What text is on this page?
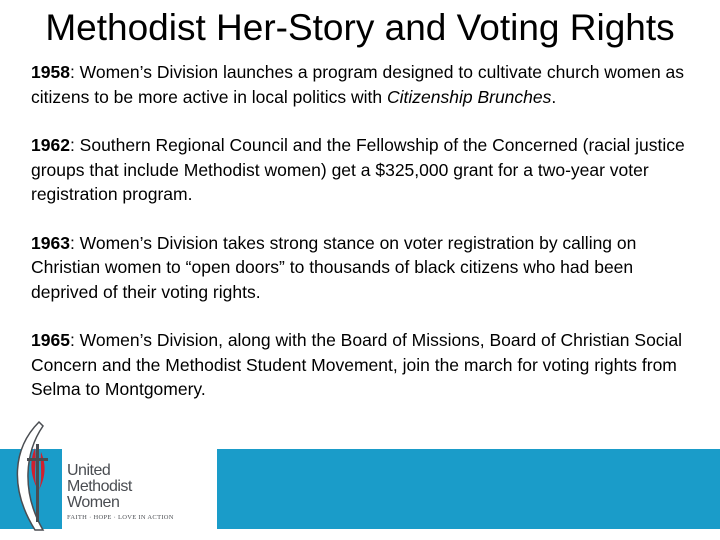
Methodist Her-Story and Voting Rights

1958: Women’s Division launches a program designed to cultivate church women as citizens to be more active in local politics with Citizenship Brunches.

1962: Southern Regional Council and the Fellowship of the Concerned (racial justice groups that include Methodist women) get a $325,000 grant for a two-year voter registration program.

1963: Women’s Division takes strong stance on voter registration by calling on Christian women to “open doors” to thousands of black citizens who had been deprived of their voting rights.

1965: Women’s Division, along with the Board of Missions, Board of Christian Social Concern and the Methodist Student Movement, join the march for voting rights from Selma to Montgomery.

United
Methodist
Women
FAITH · HOPE · LOVE IN ACTION
